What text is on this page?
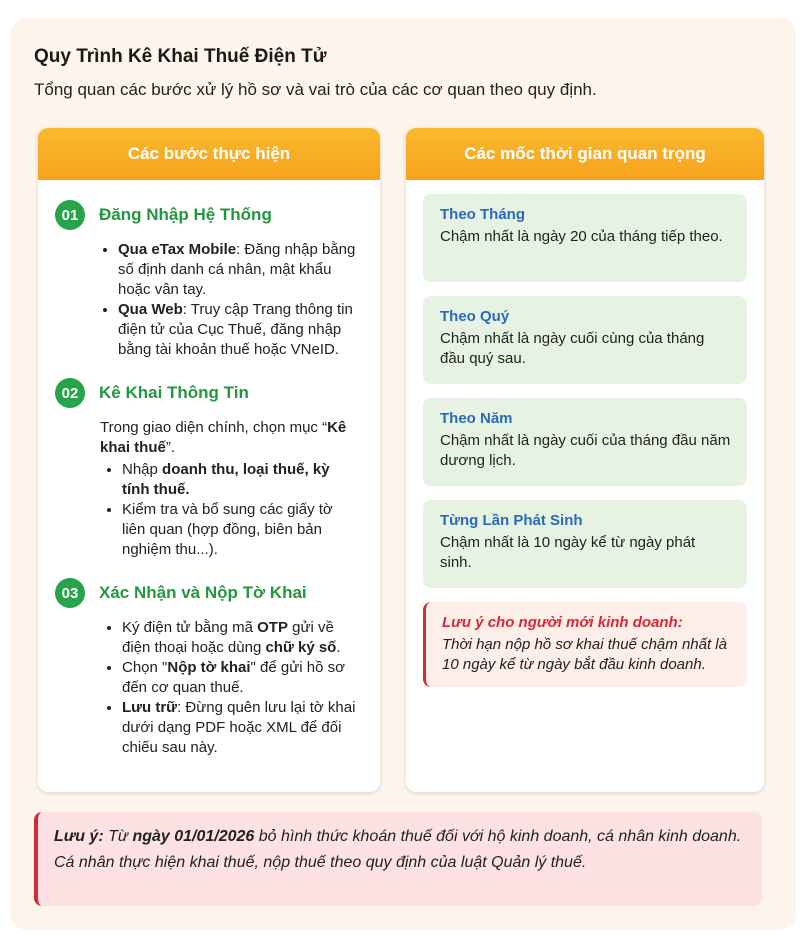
Quy Trình Kê Khai Thuế Điện Tử
Tổng quan các bước xử lý hồ sơ và vai trò của các cơ quan theo quy định.
Các bước thực hiện
01	Đăng Nhập Hệ Thống
• Qua eTax Mobile: Đăng nhập bằng số định danh cá nhân, mật khẩu hoặc vân tay.
• Qua Web: Truy cập Trang thông tin điện tử của Cục Thuế, đăng nhập bằng tài khoản thuế hoặc VNeID.
02	Kê Khai Thông Tin
Trong giao diện chính, chọn mục “Kê khai thuế”.
• Nhập doanh thu, loại thuế, kỳ tính thuế.
• Kiểm tra và bổ sung các giấy tờ liên quan (hợp đồng, biên bản nghiệm thu...).
03	Xác Nhận và Nộp Tờ Khai
• Ký điện tử bằng mã OTP gửi về điện thoại hoặc dùng chữ ký số.
• Chọn "Nộp tờ khai" để gửi hồ sơ đến cơ quan thuế.
• Lưu trữ: Đừng quên lưu lại tờ khai dưới dạng PDF hoặc XML để đối chiếu sau này.
Các mốc thời gian quan trọng
Theo Tháng
Chậm nhất là ngày 20 của tháng tiếp theo.
Theo Quý
Chậm nhất là ngày cuối cùng của tháng đầu quý sau.
Theo Năm
Chậm nhất là ngày cuối của tháng đầu năm dương lịch.
Từng Lần Phát Sinh
Chậm nhất là 10 ngày kể từ ngày phát sinh.
Lưu ý cho người mới kinh doanh:
Thời hạn nộp hồ sơ khai thuế chậm nhất là 10 ngày kể từ ngày bắt đầu kinh doanh.
Lưu ý: Từ ngày 01/01/2026 bỏ hình thức khoán thuế đối với hộ kinh doanh, cá nhân kinh doanh. Cá nhân thực hiện khai thuế, nộp thuế theo quy định của luật Quản lý thuế.
